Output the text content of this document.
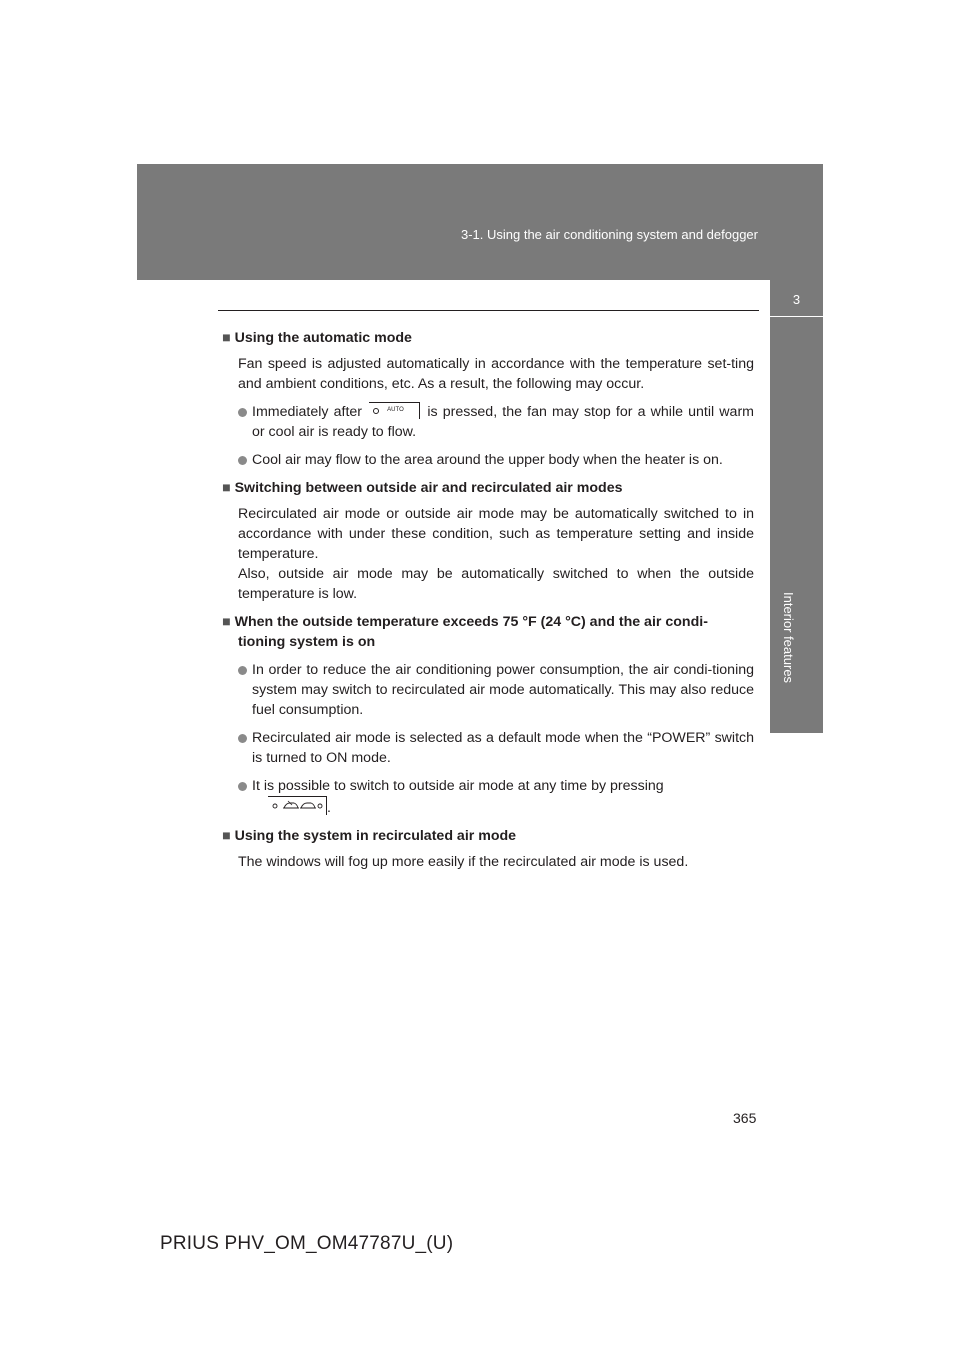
3-1. Using the air conditioning system and defogger
3
Interior features
■ Using the automatic mode
Fan speed is adjusted automatically in accordance with the temperature set-ting and ambient conditions, etc. As a result, the following may occur.
Immediately after	AUTO is pressed, the fan may stop for a while until warm or cool air is ready to flow.
Cool air may flow to the area around the upper body when the heater is on.
■ Switching between outside air and recirculated air modes
Recirculated air mode or outside air mode may be automatically switched to in accordance with under these condition, such as temperature setting and inside temperature.
Also, outside air mode may be automatically switched to when the outside temperature is low.
■ When the outside temperature exceeds 75 °F (24 °C) and the air condi-tioning system is on
In order to reduce the air conditioning power consumption, the air condi-tioning system may switch to recirculated air mode automatically. This may also reduce fuel consumption.
Recirculated air mode is selected as a default mode when the “POWER” switch is turned to ON mode.
It is possible to switch to outside air mode at any time by pressing

.
■ Using the system in recirculated air mode
The windows will fog up more easily if the recirculated air mode is used.
365
PRIUS PHV_OM_OM47787U_(U)
